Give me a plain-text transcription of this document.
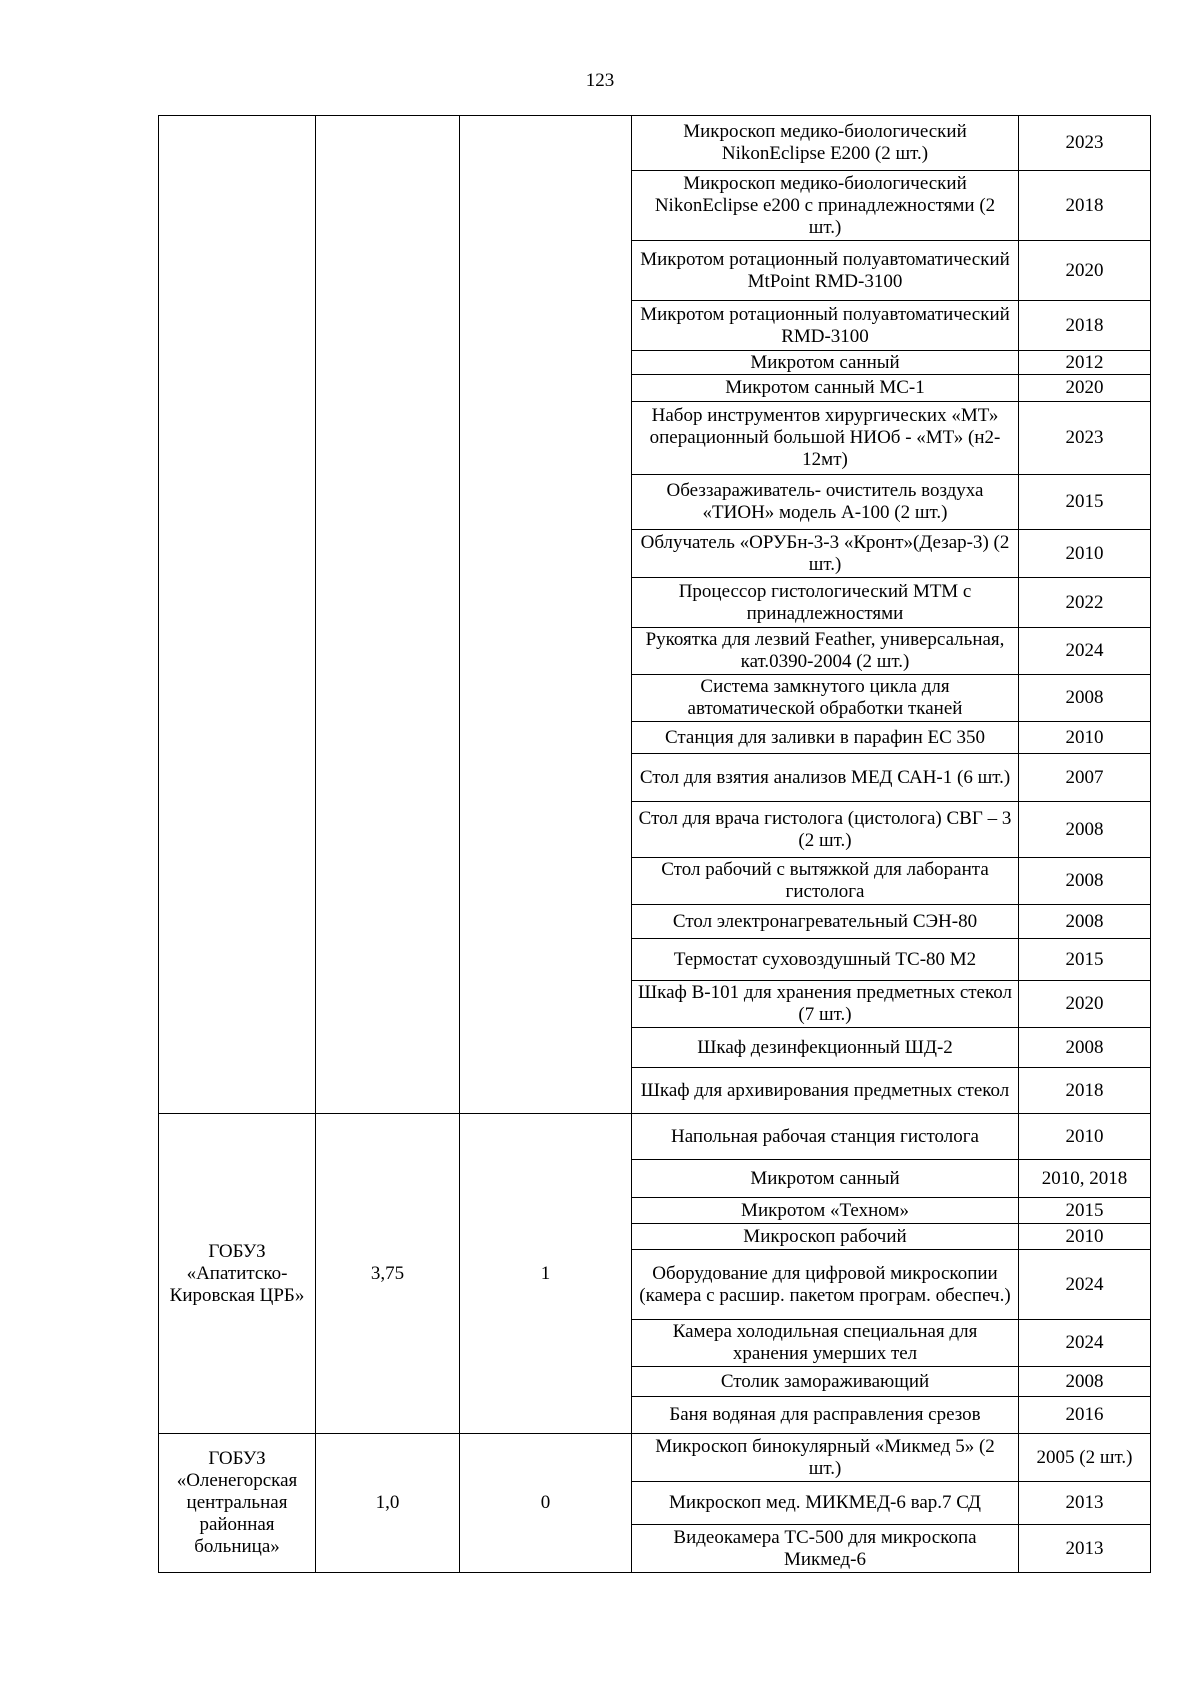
123
			Микроскоп медико-биологический NikonEclipse E200 (2 шт.)	2023
			Микроскоп медико-биологический NikonEclipse e200 с принадлежностями (2 шт.)	2018
			Микротом ротационный полуавтоматический MtPoint RMD-3100	2020
			Микротом ротационный полуавтоматический RMD-3100	2018
			Микротом санный	2012
			Микротом санный МС-1	2020
			Набор инструментов хирургических «МТ» операционный большой НИОб - «МТ» (н2-12мт)	2023
			Обеззараживатель- очиститель воздуха «ТИОН» модель А-100 (2 шт.)	2015
			Облучатель «ОРУБн-3-3 «Кронт»(Дезар-3) (2 шт.)	2010
			Процессор гистологический МТМ с принадлежностями	2022
			Рукоятка для лезвий Feather, универсальная, кат.0390-2004 (2 шт.)	2024
			Система замкнутого цикла для автоматической обработки тканей	2008
			Станция для заливки в парафин ЕС 350	2010
			Стол для взятия анализов МЕД САН-1 (6 шт.)	2007
			Стол для врача гистолога (цистолога) СВГ – 3 (2 шт.)	2008
			Стол рабочий с вытяжкой для лаборанта гистолога	2008
			Стол электронагревательный СЭН-80	2008
			Термостат суховоздушный ТС-80 М2	2015
			Шкаф В-101 для хранения предметных стекол (7 шт.)	2020
			Шкаф дезинфекционный ШД-2	2008
			Шкаф для архивирования предметных стекол	2018
ГОБУЗ «Апатитско-Кировская ЦРБ»	3,75	1	Напольная рабочая станция гистолога	2010
			Микротом санный	2010, 2018
			Микротом «Техном»	2015
			Микроскоп рабочий	2010
			Оборудование для цифровой микроскопии (камера с расшир. пакетом програм. обеспеч.)	2024
			Камера холодильная специальная для хранения умерших тел	2024
			Столик замораживающий	2008
			Баня водяная для расправления срезов	2016
ГОБУЗ «Оленегорская центральная районная больница»	1,0	0	Микроскоп бинокулярный «Микмед 5» (2 шт.)	2005 (2 шт.)
			Микроскоп мед. МИКМЕД-6 вар.7 СД	2013
			Видеокамера ТС-500 для микроскопа Микмед-6	2013
